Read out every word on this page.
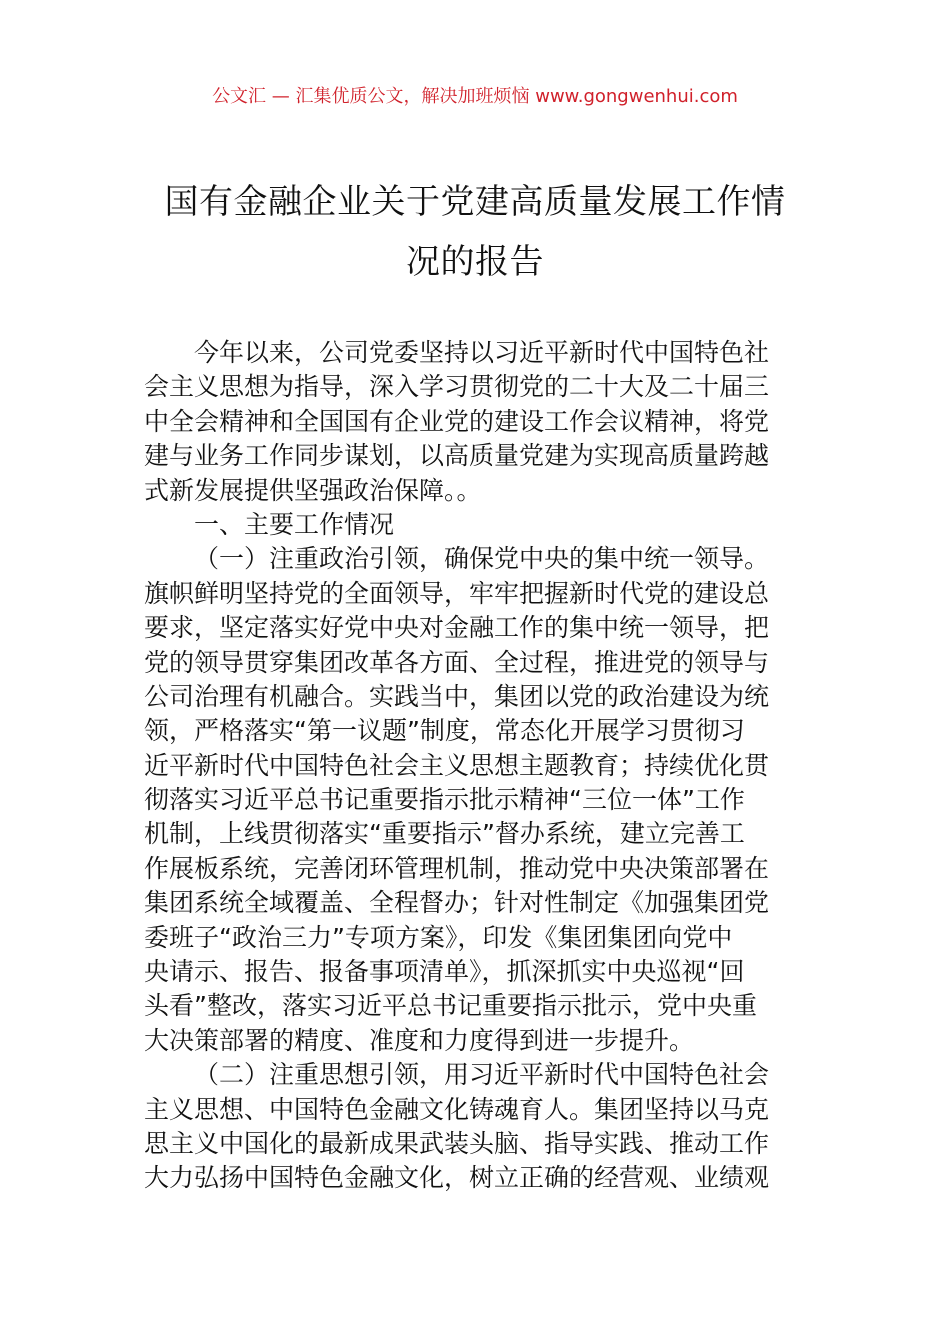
公文汇 — 汇集优质公文，解决加班烦恼 www.gongwenhui.com
国有金融企业关于党建高质量发展工作情
况的报告
今年以来，公司党委坚持以习近平新时代中国特色社
会主义思想为指导，深入学习贯彻党的二十大及二十届三
中全会精神和全国国有企业党的建设工作会议精神，将党
建与业务工作同步谋划，以高质量党建为实现高质量跨越
式新发展提供坚强政治保障。。
一、主要工作情况
（一）注重政治引领，确保党中央的集中统一领导。
旗帜鲜明坚持党的全面领导，牢牢把握新时代党的建设总
要求，坚定落实好党中央对金融工作的集中统一领导，把
党的领导贯穿集团改革各方面、全过程，推进党的领导与
公司治理有机融合。实践当中，集团以党的政治建设为统
领，严格落实“第一议题”制度，常态化开展学习贯彻习
近平新时代中国特色社会主义思想主题教育；持续优化贯
彻落实习近平总书记重要指示批示精神“三位一体”工作
机制，上线贯彻落实“重要指示”督办系统，建立完善工
作展板系统，完善闭环管理机制，推动党中央决策部署在
集团系统全域覆盖、全程督办；针对性制定《加强集团党
委班子“政治三力”专项方案》，印发《集团集团向党中
央请示、报告、报备事项清单》，抓深抓实中央巡视“回
头看”整改，落实习近平总书记重要指示批示，党中央重
大决策部署的精度、准度和力度得到进一步提升。
（二）注重思想引领，用习近平新时代中国特色社会
主义思想、中国特色金融文化铸魂育人。集团坚持以马克
思主义中国化的最新成果武装头脑、指导实践、推动工作
大力弘扬中国特色金融文化，树立正确的经营观、业绩观
